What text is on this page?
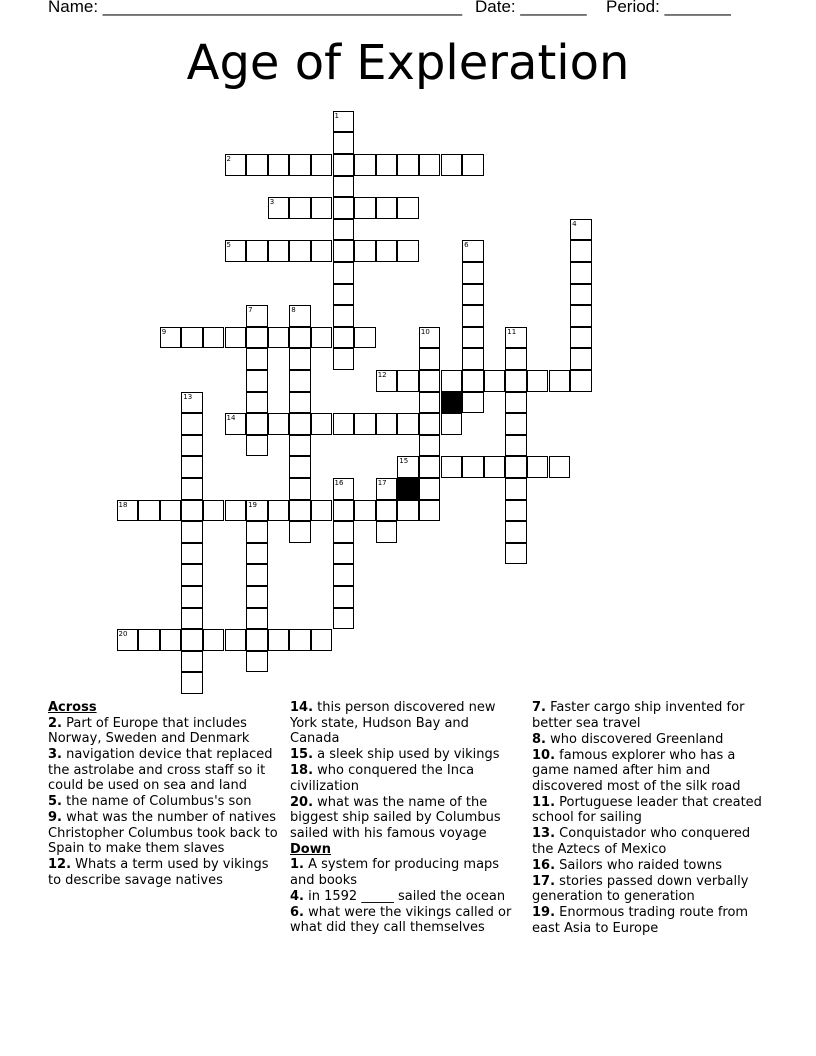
Name: ______________________________________ Date: _______ Period: _______
Age of Expleration
1
2
3
5
4
6
7	8
9	10	11
12
13
14
15
16	17
18	19
20
Across
2. Part of Europe that includes Norway, Sweden and Denmark
3. navigation device that replaced the astrolabe and cross staff so it could be used on sea and land
5. the name of Columbus's son
9. what was the number of natives Christopher Columbus took back to Spain to make them slaves
12. Whats a term used by vikings to describe savage natives
14. this person discovered new York state, Hudson Bay and Canada
15. a sleek ship used by vikings
18. who conquered the Inca civilization
20. what was the name of the biggest ship sailed by Columbus sailed with his famous voyage
Down
1. A system for producing maps and books
4. in 1592 _____ sailed the ocean
6. what were the vikings called or what did they call themselves
7. Faster cargo ship invented for better sea travel
8. who discovered Greenland
10. famous explorer who has a game named after him and discovered most of the silk road
11. Portuguese leader that created school for sailing
13. Conquistador who conquered the Aztecs of Mexico
16. Sailors who raided towns
17. stories passed down verbally generation to generation
19. Enormous trading route from east Asia to Europe
